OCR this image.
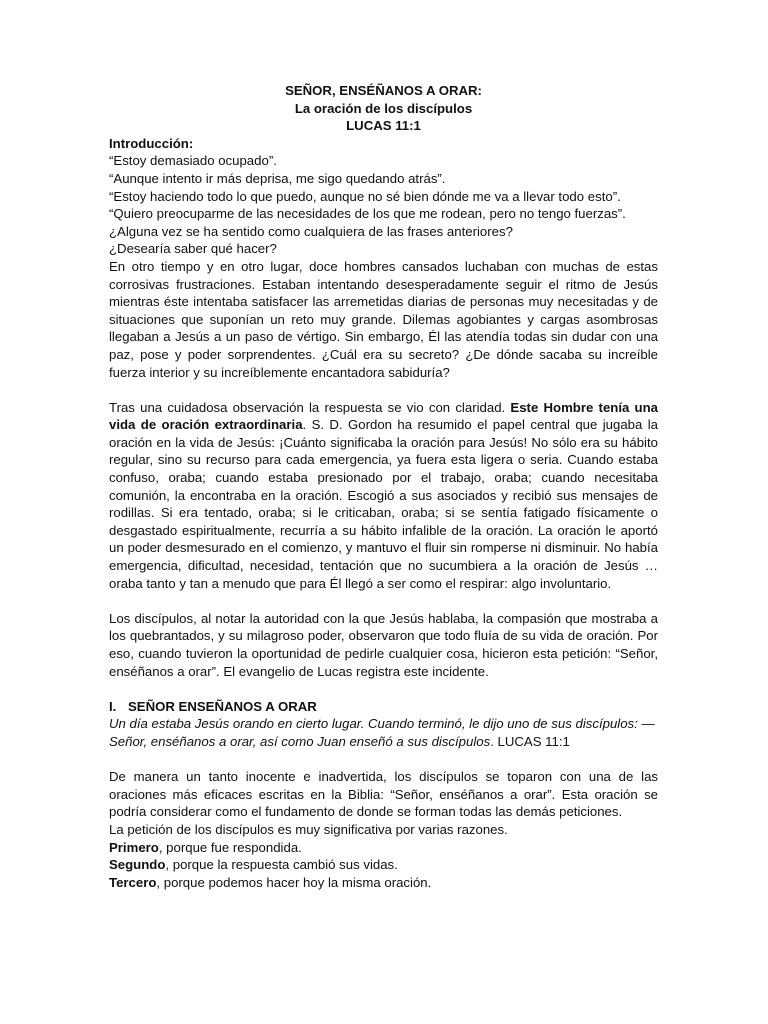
SEÑOR, ENSÉÑANOS A ORAR:
La oración de los discípulos
LUCAS 11:1

Introducción:

“Estoy demasiado ocupado”.

“Aunque intento ir más deprisa, me sigo quedando atrás”.

“Estoy haciendo todo lo que puedo, aunque no sé bien dónde me va a llevar todo esto”.

“Quiero preocuparme de las necesidades de los que me rodean, pero no tengo fuerzas”.

¿Alguna vez se ha sentido como cualquiera de las frases anteriores?

¿Desearía saber qué hacer?

En otro tiempo y en otro lugar, doce hombres cansados luchaban con muchas de estas corrosivas frustraciones. Estaban intentando desesperadamente seguir el ritmo de Jesús mientras éste intentaba satisfacer las arremetidas diarias de personas muy necesitadas y de situaciones que suponían un reto muy grande. Dilemas agobiantes y cargas asombrosas llegaban a Jesús a un paso de vértigo. Sin embargo, Él las atendía todas sin dudar con una paz, pose y poder sorprendentes. ¿Cuál era su secreto? ¿De dónde sacaba su increíble fuerza interior y su increíblemente encantadora sabiduría?

Tras una cuidadosa observación la respuesta se vio con claridad. Este Hombre tenía una vida de oración extraordinaria. S. D. Gordon ha resumido el papel central que jugaba la oración en la vida de Jesús: ¡Cuánto significaba la oración para Jesús! No sólo era su hábito regular, sino su recurso para cada emergencia, ya fuera esta ligera o seria. Cuando estaba confuso, oraba; cuando estaba presionado por el trabajo, oraba; cuando necesitaba comunión, la encontraba en la oración. Escogió a sus asociados y recibió sus mensajes de rodillas. Si era tentado, oraba; si le criticaban, oraba; si se sentía fatigado físicamente o desgastado espiritualmente, recurría a su hábito infalible de la oración. La oración le aportó un poder desmesurado en el comienzo, y mantuvo el fluir sin romperse ni disminuir. No había emergencia, dificultad, necesidad, tentación que no sucumbiera a la oración de Jesús … oraba tanto y tan a menudo que para Él llegó a ser como el respirar: algo involuntario.

Los discípulos, al notar la autoridad con la que Jesús hablaba, la compasión que mostraba a los quebrantados, y su milagroso poder, observaron que todo fluía de su vida de oración. Por eso, cuando tuvieron la oportunidad de pedirle cualquier cosa, hicieron esta petición: “Señor, enséñanos a orar”. El evangelio de Lucas registra este incidente.

I. SEÑOR ENSEÑANOS A ORAR

Un día estaba Jesús orando en cierto lugar. Cuando terminó, le dijo uno de sus discípulos: —Señor, enséñanos a orar, así como Juan enseñó a sus discípulos. LUCAS 11:1

De manera un tanto inocente e inadvertida, los discípulos se toparon con una de las oraciones más eficaces escritas en la Biblia: “Señor, enséñanos a orar”. Esta oración se podría considerar como el fundamento de donde se forman todas las demás peticiones.

La petición de los discípulos es muy significativa por varias razones.

Primero, porque fue respondida.

Segundo, porque la respuesta cambió sus vidas.

Tercero, porque podemos hacer hoy la misma oración.
